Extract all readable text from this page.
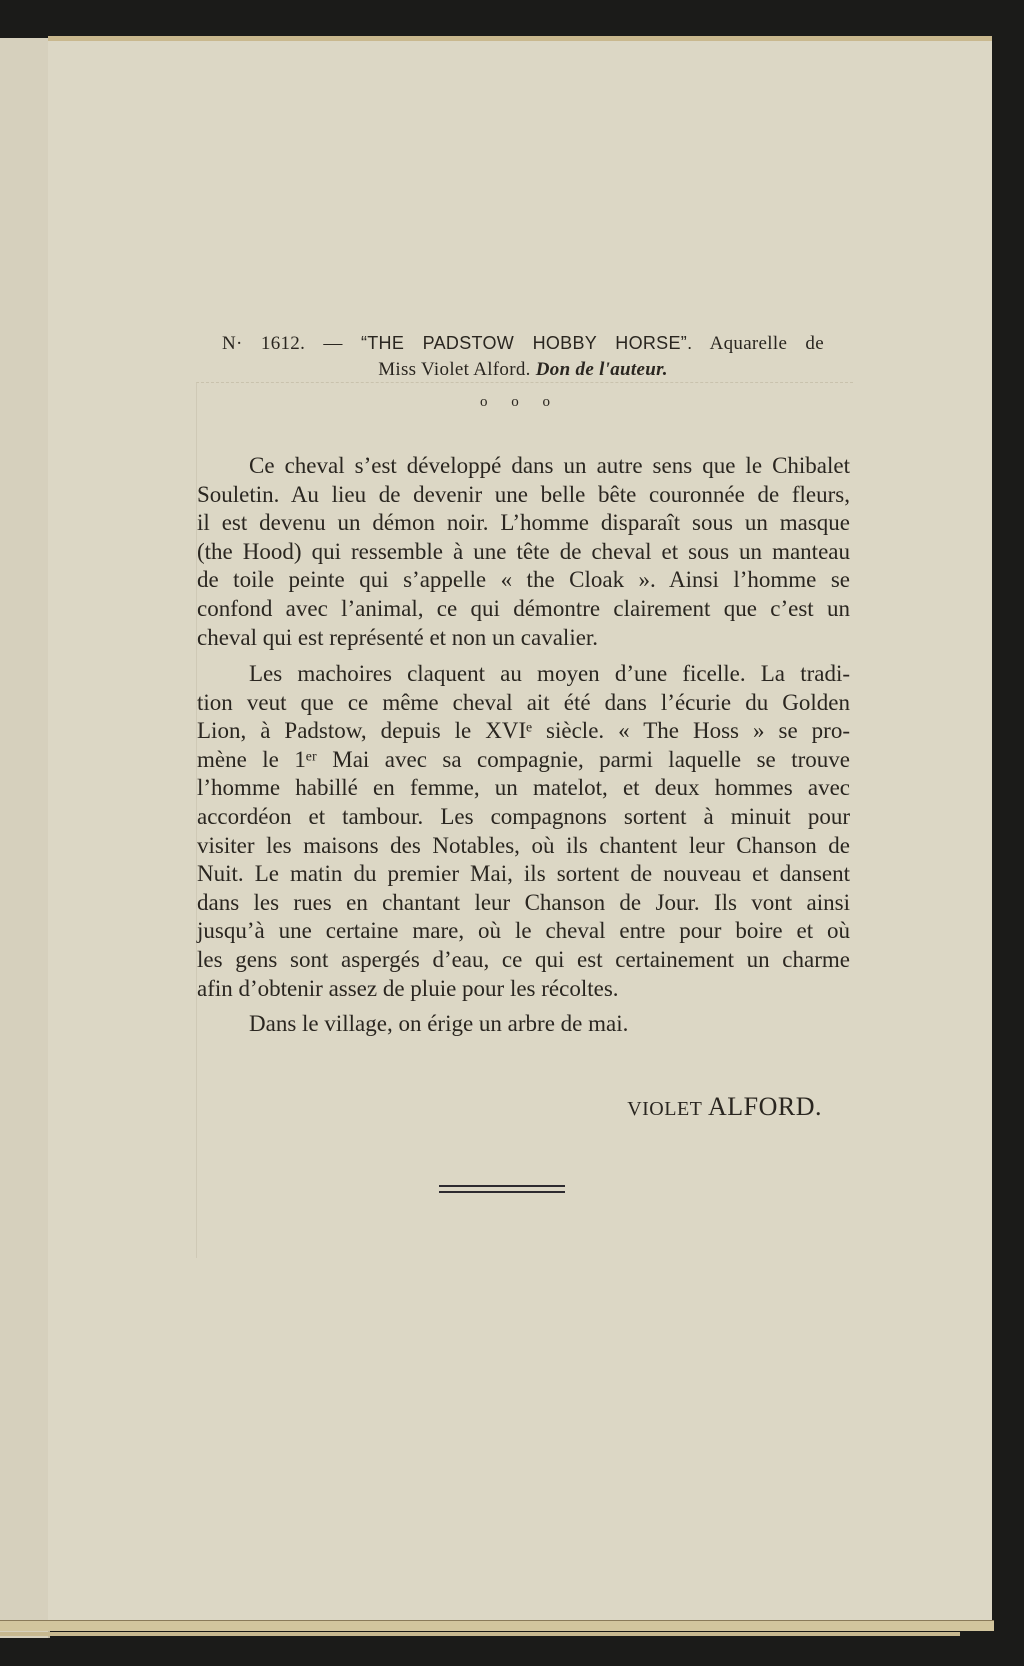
N· 1612. — “THE PADSTOW HOBBY HORSE”. Aquarelle de
Miss Violet Alford. Don de l'auteur.
o o o
Ce cheval s’est développé dans un autre sens que le Chibalet
Souletin. Au lieu de devenir une belle bête couronnée de fleurs,
il est devenu un démon noir. L’homme disparaît sous un masque
(the Hood) qui ressemble à une tête de cheval et sous un manteau
de toile peinte qui s’appelle « the Cloak ». Ainsi l’homme se
confond avec l’animal, ce qui démontre clairement que c’est un
cheval qui est représenté et non un cavalier.
Les machoires claquent au moyen d’une ficelle. La tradi-
tion veut que ce même cheval ait été dans l’écurie du Golden
Lion, à Padstow, depuis le XVIᵉ siècle. « The Hoss » se pro-
mène le 1ᵉʳ Mai avec sa compagnie, parmi laquelle se trouve
l’homme habillé en femme, un matelot, et deux hommes avec
accordéon et tambour. Les compagnons sortent à minuit pour
visiter les maisons des Notables, où ils chantent leur Chanson de
Nuit. Le matin du premier Mai, ils sortent de nouveau et dansent
dans les rues en chantant leur Chanson de Jour. Ils vont ainsi
jusqu’à une certaine mare, où le cheval entre pour boire et où
les gens sont aspergés d’eau, ce qui est certainement un charme
afin d’obtenir assez de pluie pour les récoltes.
Dans le village, on érige un arbre de mai.
VIOLET ALFORD.
